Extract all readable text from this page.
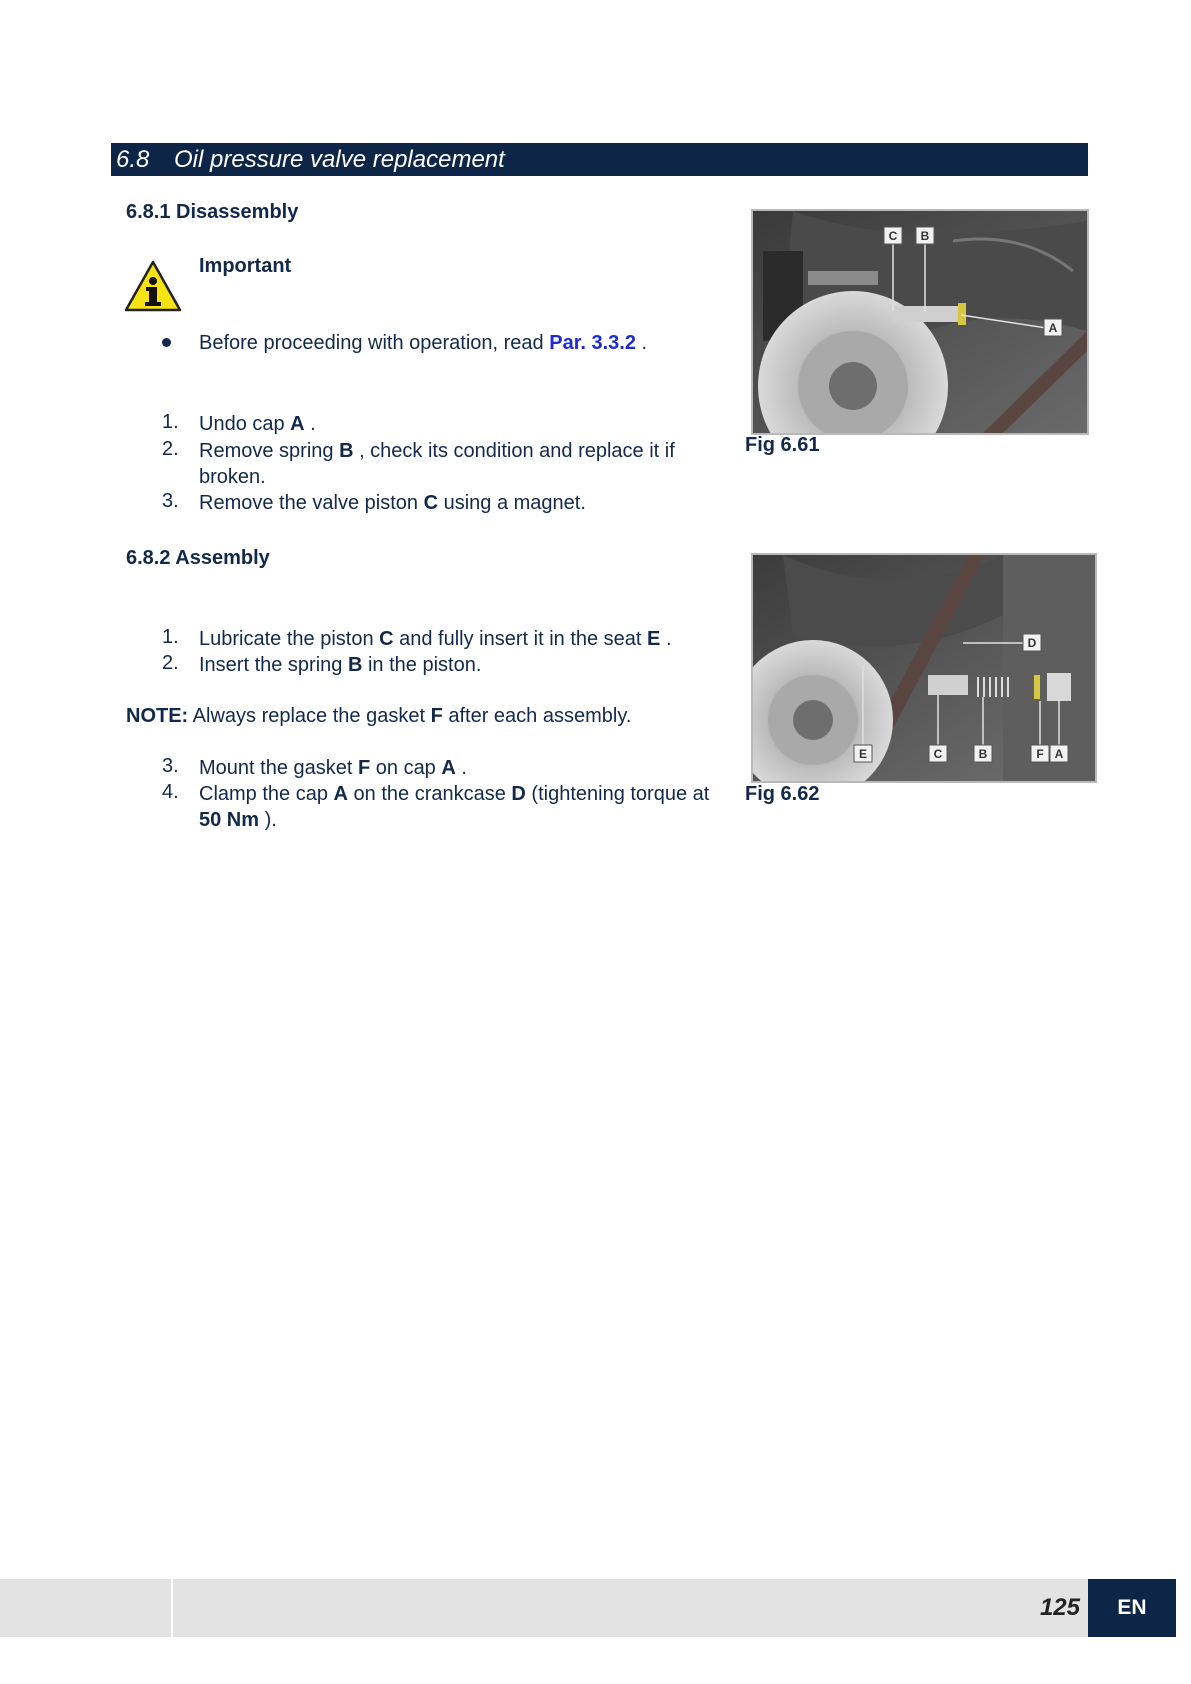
6.8 Oil pressure valve replacement
6.8.1 Disassembly
Important
Before proceeding with operation, read Par. 3.3.2 .
1. Undo cap A .
2. Remove spring B , check its condition and replace it if
broken.
3. Remove the valve piston C using a magnet.
6.8.2 Assembly
1. Lubricate the piston C and fully insert it in the seat E .
2. Insert the spring B in the piston.
NOTE: Always replace the gasket F after each assembly.
3. Mount the gasket F on cap A .
4. Clamp the cap A on the crankcase D (tightening torque at
50 Nm ).
C B
A
Fig 6.61
D
E	C	B	F A
Fig 6.62
125	EN
